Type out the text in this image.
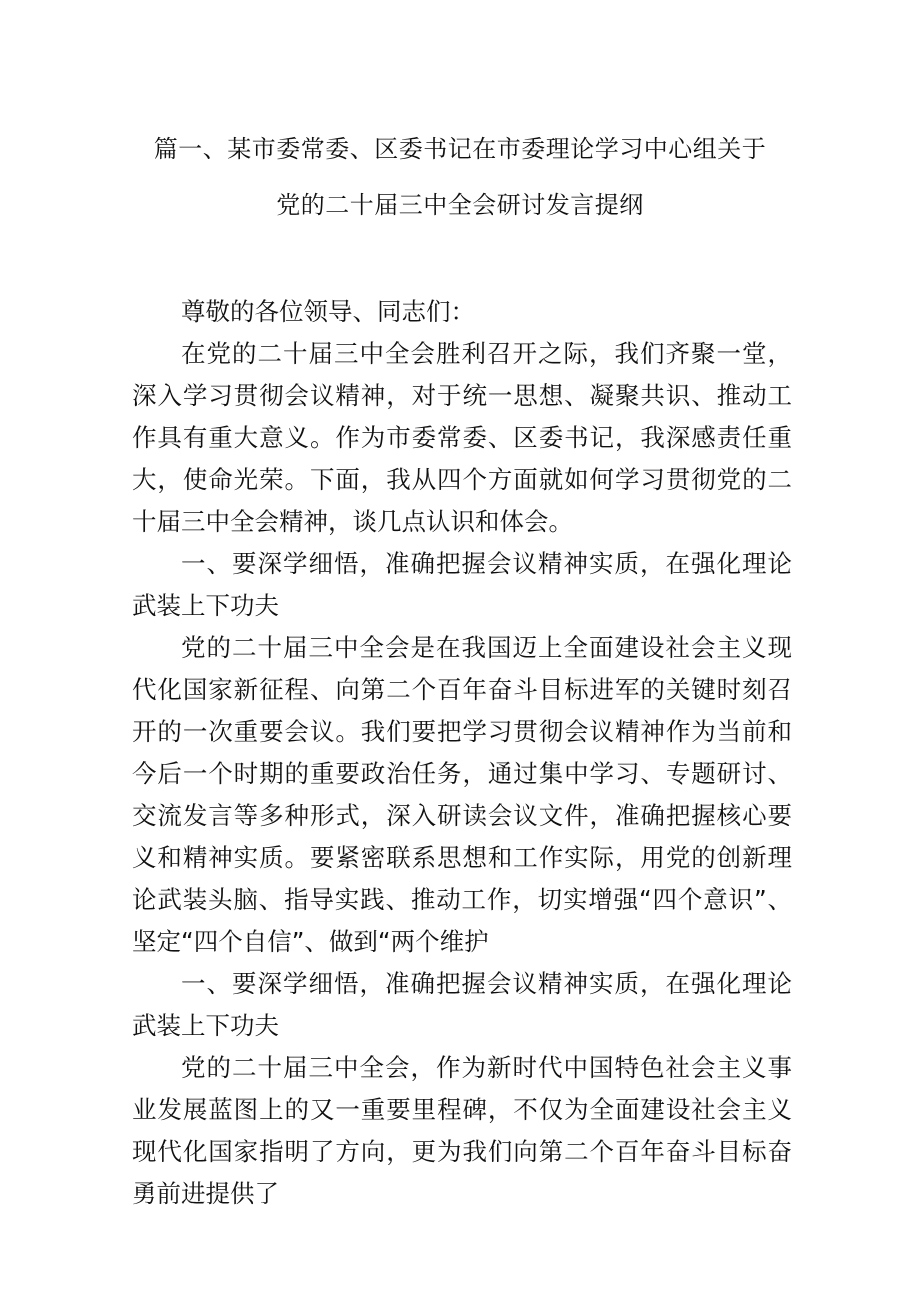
篇一、某市委常委、区委书记在市委理论学习中心组关于
党的二十届三中全会研讨发言提纲

尊敬的各位领导、同志们：

在党的二十届三中全会胜利召开之际，我们齐聚一堂，深入学习贯彻会议精神，对于统一思想、凝聚共识、推动工作具有重大意义。作为市委常委、区委书记，我深感责任重大，使命光荣。下面，我从四个方面就如何学习贯彻党的二十届三中全会精神，谈几点认识和体会。

一、要深学细悟，准确把握会议精神实质，在强化理论武装上下功夫

党的二十届三中全会是在我国迈上全面建设社会主义现代化国家新征程、向第二个百年奋斗目标进军的关键时刻召开的一次重要会议。我们要把学习贯彻会议精神作为当前和今后一个时期的重要政治任务，通过集中学习、专题研讨、交流发言等多种形式，深入研读会议文件，准确把握核心要义和精神实质。要紧密联系思想和工作实际，用党的创新理论武装头脑、指导实践、推动工作，切实增强“四个意识”、坚定“四个自信”、做到“两个维护

一、要深学细悟，准确把握会议精神实质，在强化理论武装上下功夫

党的二十届三中全会，作为新时代中国特色社会主义事业发展蓝图上的又一重要里程碑，不仅为全面建设社会主义现代化国家指明了方向，更为我们向第二个百年奋斗目标奋勇前进提供了
